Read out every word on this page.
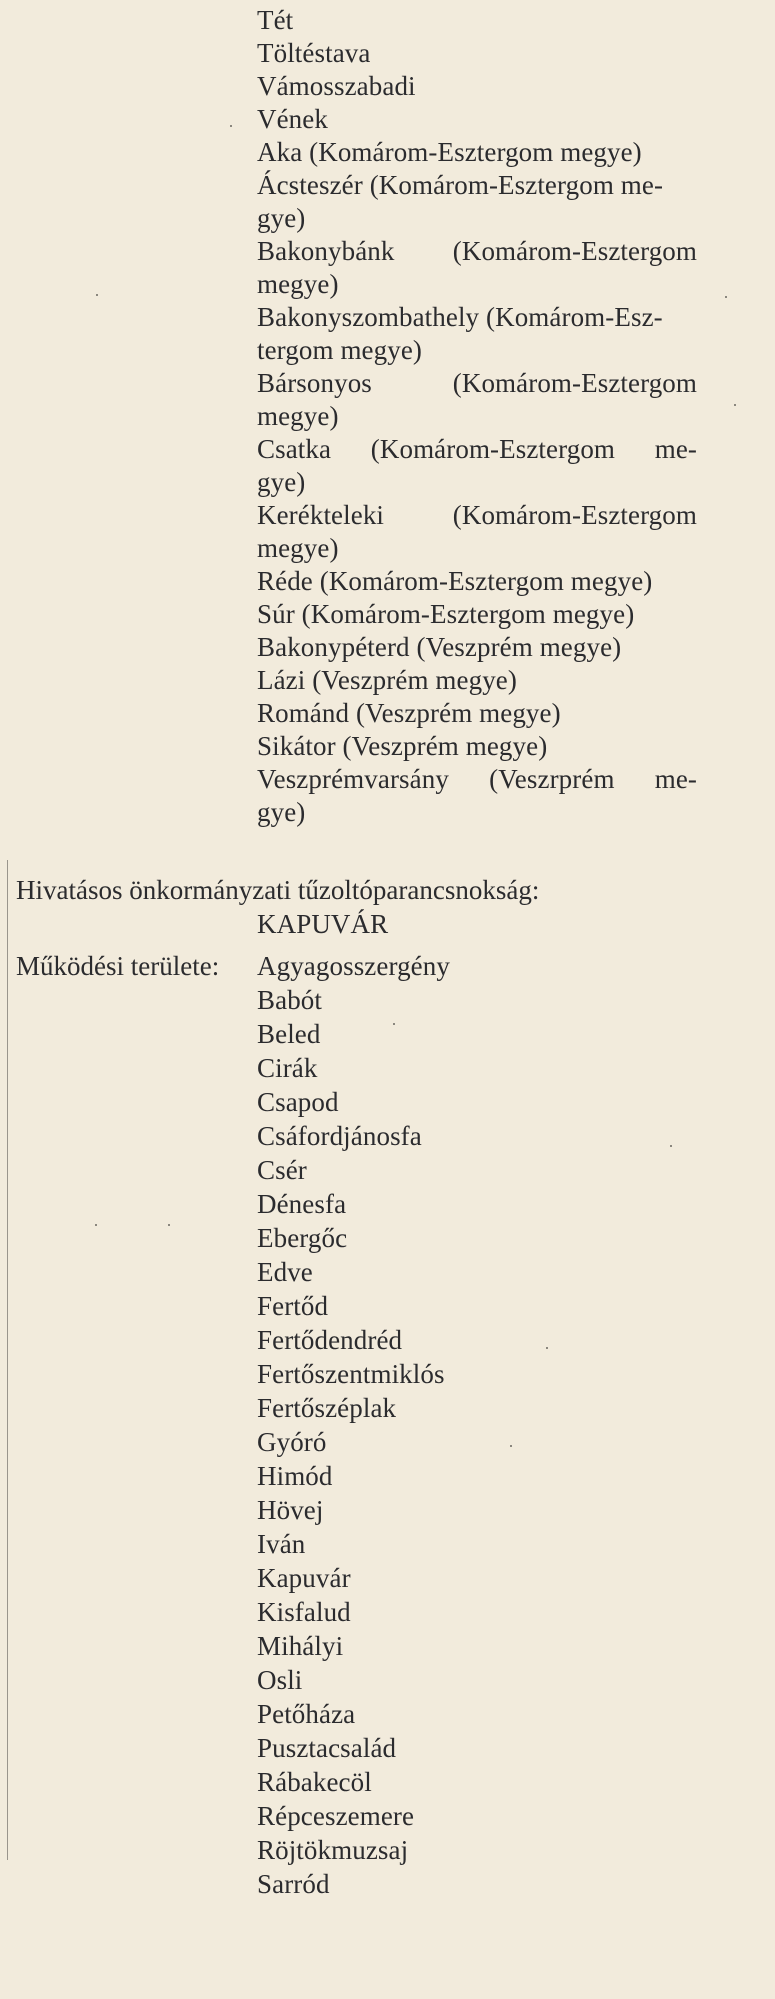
Tét
Töltéstava
Vámosszabadi
Vének
Aka (Komárom-Esztergom megye)
Ácsteszér (Komárom-Esztergom me-
gye)
Bakonybánk (Komárom-Esztergom
megye)
Bakonyszombathely (Komárom-Esz-
tergom megye)
Bársonyos (Komárom-Esztergom
megye)
Csatka (Komárom-Esztergom me-
gye)
Kerékteleki (Komárom-Esztergom
megye)
Réde (Komárom-Esztergom megye)
Súr (Komárom-Esztergom megye)
Bakonypéterd (Veszprém megye)
Lázi (Veszprém megye)
Románd (Veszprém megye)
Sikátor (Veszprém megye)
Veszprémvarsány (Veszrprém me-
gye)
Hivatásos önkormányzati tűzoltóparancsnokság:
KAPUVÁR
Működési területe: Agyagosszergény
Babót
Beled
Cirák
Csapod
Csáfordjánosfa
Csér
Dénesfa
Ebergőc
Edve
Fertőd
Fertődendréd
Fertőszentmiklós
Fertőszéplak
Gyóró
Himód
Hövej
Iván
Kapuvár
Kisfalud
Mihályi
Osli
Petőháza
Pusztacsalád
Rábakecöl
Répceszemere
Röjtökmuzsaj
Sarród
